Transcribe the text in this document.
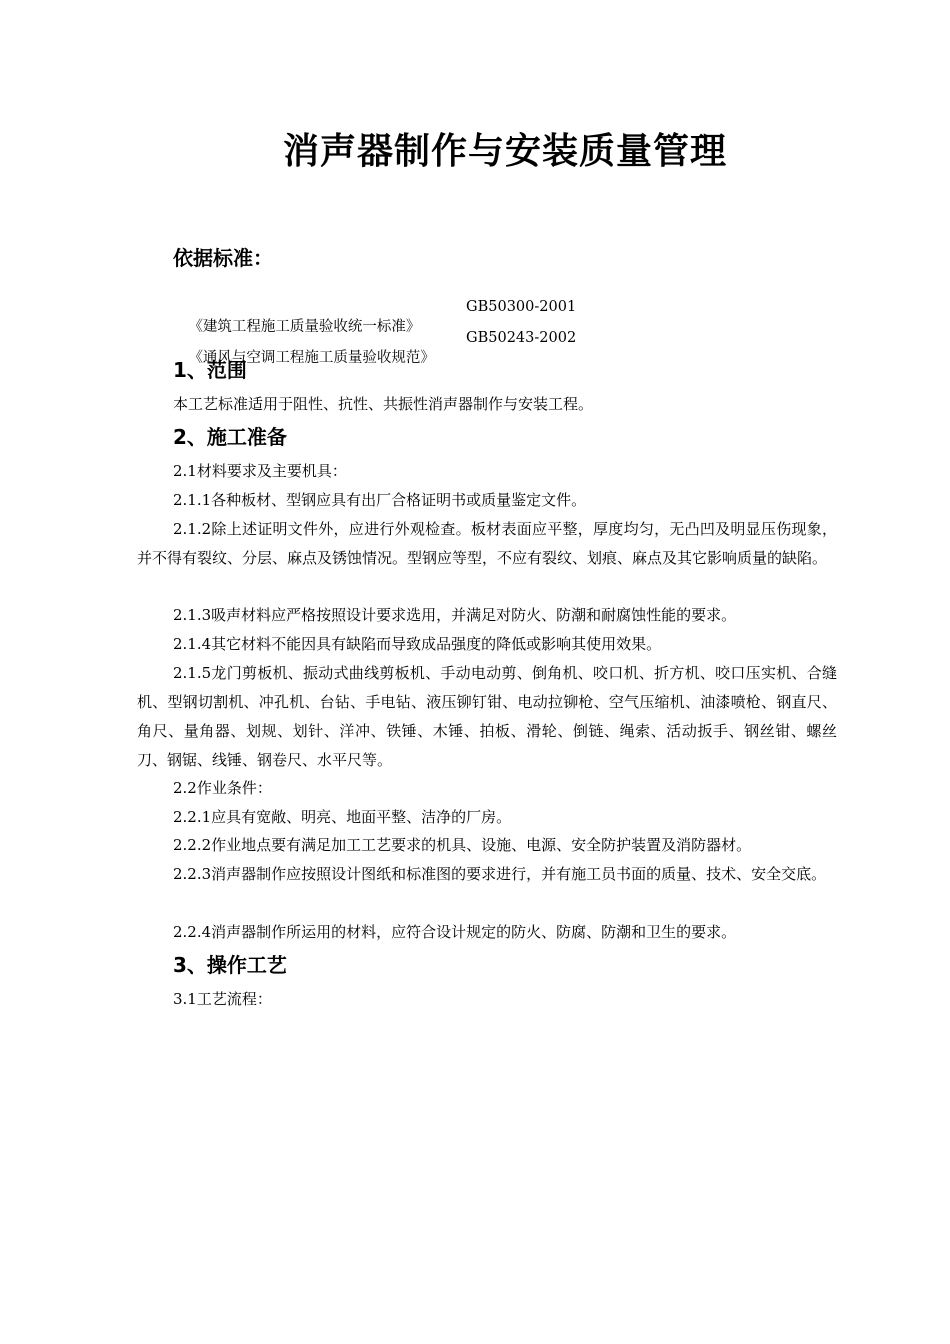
消声器制作与安装质量管理
依据标准：

《建筑工程施工质量验收统一标准》

GB50300-2001

《通风与空调工程施工质量验收规范》

GB50243-2002

1、范围
本工艺标准适用于阻性、抗性、共振性消声器制作与安装工程。
2、施工准备
2.1材料要求及主要机具：
2.1.1各种板材、型钢应具有出厂合格证明书或质量鉴定文件。
2.1.2除上述证明文件外，应进行外观检查。板材表面应平整，厚度均匀，无凸凹及明显压伤现象，并不得有裂纹、分层、麻点及锈蚀情况。型钢应等型，不应有裂纹、划痕、麻点及其它影响质量的缺陷。
2.1.3吸声材料应严格按照设计要求选用，并满足对防火、防潮和耐腐蚀性能的要求。
2.1.4其它材料不能因具有缺陷而导致成品强度的降低或影响其使用效果。
2.1.5龙门剪板机、振动式曲线剪板机、手动电动剪、倒角机、咬口机、折方机、咬口压实机、合缝机、型钢切割机、冲孔机、台钻、手电钻、液压铆钉钳、电动拉铆枪、空气压缩机、油漆喷枪、钢直尺、角尺、量角器、划规、划针、洋冲、铁锤、木锤、拍板、滑轮、倒链、绳索、活动扳手、钢丝钳、螺丝刀、钢锯、线锤、钢卷尺、水平尺等。
2.2作业条件：
2.2.1应具有宽敞、明亮、地面平整、洁净的厂房。
2.2.2作业地点要有满足加工工艺要求的机具、设施、电源、安全防护装置及消防器材。
2.2.3消声器制作应按照设计图纸和标准图的要求进行，并有施工员书面的质量、技术、安全交底。
2.2.4消声器制作所运用的材料，应符合设计规定的防火、防腐、防潮和卫生的要求。
3、操作工艺
3.1工艺流程：
